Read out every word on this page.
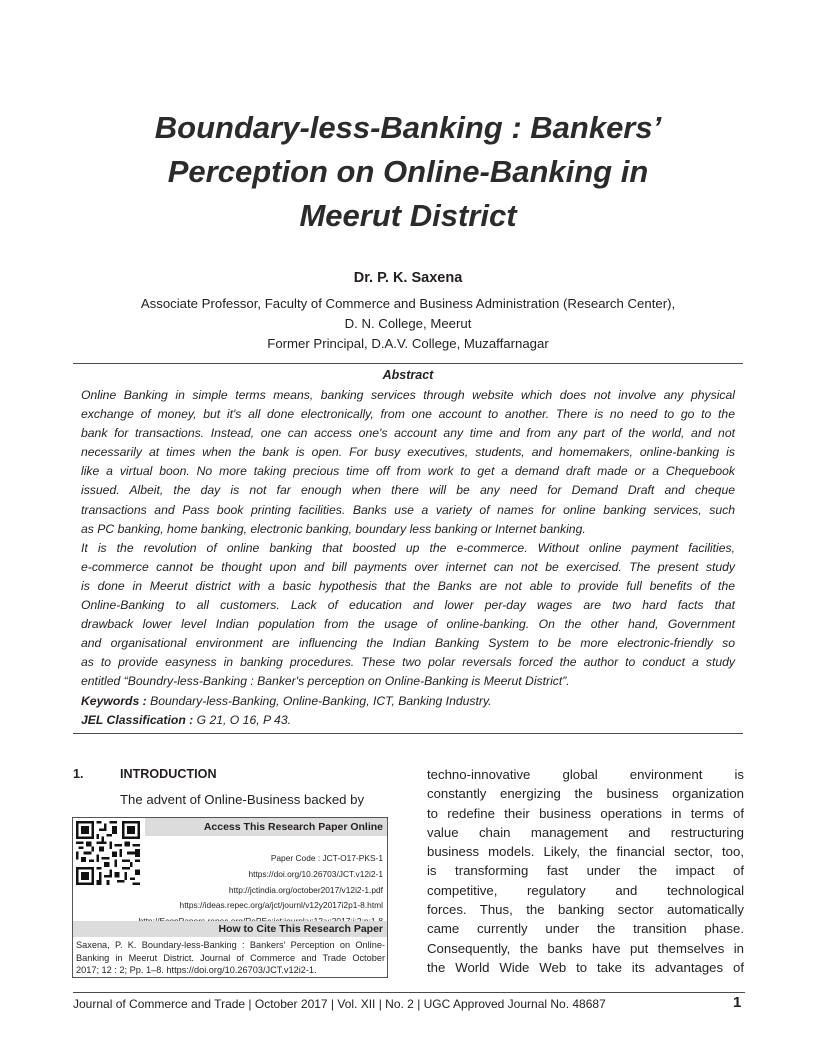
Boundary-less-Banking : Bankers’
Perception on Online-Banking in
Meerut District
Dr. P. K. Saxena
Associate Professor, Faculty of Commerce and Business Administration (Research Center),
D. N. College, Meerut
Former Principal, D.A.V. College, Muzaffarnagar
Abstract
Online Banking in simple terms means, banking services through website which does not involve any physical
exchange of money, but it's all done electronically, from one account to another. There is no need to go to the
bank for transactions. Instead, one can access one's account any time and from any part of the world, and not
necessarily at times when the bank is open. For busy executives, students, and homemakers, online-banking is
like a virtual boon. No more taking precious time off from work to get a demand draft made or a Chequebook
issued. Albeit, the day is not far enough when there will be any need for Demand Draft and cheque
transactions and Pass book printing facilities. Banks use a variety of names for online banking services, such
as PC banking, home banking, electronic banking, boundary less banking or Internet banking.
It is the revolution of online banking that boosted up the e-commerce. Without online payment facilities,
e-commerce cannot be thought upon and bill payments over internet can not be exercised. The present study
is done in Meerut district with a basic hypothesis that the Banks are not able to provide full benefits of the
Online-Banking to all customers. Lack of education and lower per-day wages are two hard facts that
drawback lower level Indian population from the usage of online-banking. On the other hand, Government
and organisational environment are influencing the Indian Banking System to be more electronic-friendly so
as to provide easyness in banking procedures. These two polar reversals forced the author to conduct a study
entitled “Boundry-less-Banking : Banker's perception on Online-Banking is Meerut District”.
Keywords : Boundary-less-Banking, Online-Banking, ICT, Banking Industry.
JEL Classification : G 21, O 16, P 43.
1.	INTRODUCTION
The advent of Online-Business backed by
Access This Research Paper Online
Paper Code : JCT-O17-PKS-1
https://doi.org/10.26703/JCT.v12i2-1
http://jctindia.org/october2017/v12i2-1.pdf
https://ideas.repec.org/a/jct/journl/v12y2017i2p1-8.html
How to Cite This Research Paper
Saxena, P. K. Boundary-less-Banking : Bankers' Perception on Online-
Banking in Meerut District. Journal of Commerce and Trade October
2017; 12 : 2; Pp. 1–8. https://doi.org/10.26703/JCT.v12i2-1.
techno-innovative global environment is
constantly energizing the business organization
to redefine their business operations in terms of
value chain management and restructuring
business models. Likely, the financial sector, too,
is transforming fast under the impact of
competitive, regulatory and technological
forces. Thus, the banking sector automatically
came currently under the transition phase.
Consequently, the banks have put themselves in
the World Wide Web to take its advantages of
Journal of Commerce and Trade | October 2017 | Vol. XII | No. 2 | UGC Approved Journal No. 48687	1
